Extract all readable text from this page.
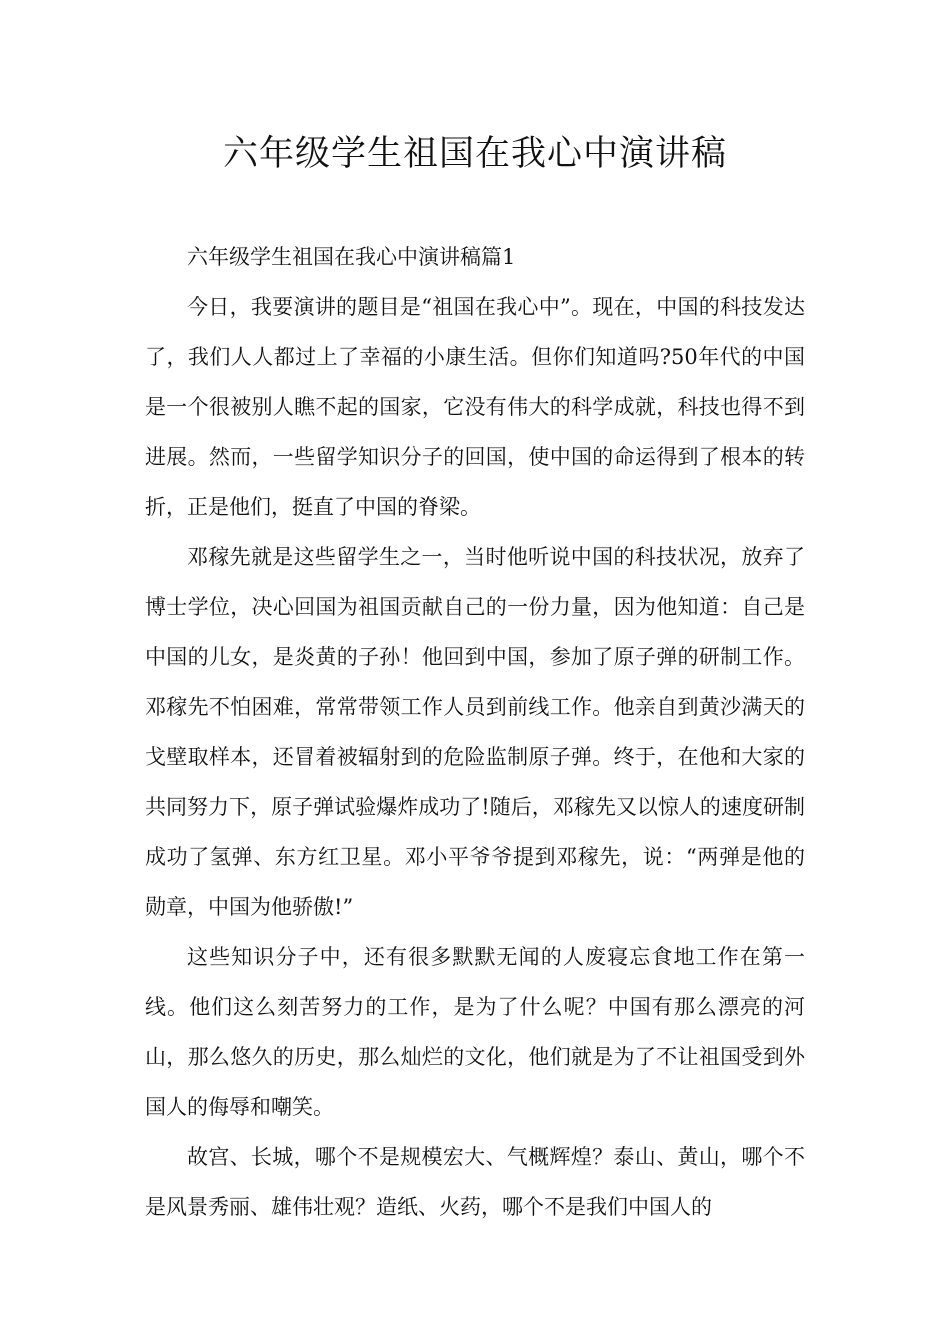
六年级学生祖国在我心中演讲稿

六年级学生祖国在我心中演讲稿篇1

今日，我要演讲的题目是“祖国在我心中”。现在，中国的科技发达了，我们人人都过上了幸福的小康生活。但你们知道吗?50年代的中国是一个很被别人瞧不起的国家，它没有伟大的科学成就，科技也得不到进展。然而，一些留学知识分子的回国，使中国的命运得到了根本的转折，正是他们，挺直了中国的脊梁。

邓稼先就是这些留学生之一，当时他听说中国的科技状况，放弃了博士学位，决心回国为祖国贡献自己的一份力量，因为他知道：自己是中国的儿女，是炎黄的子孙！他回到中国，参加了原子弹的研制工作。邓稼先不怕困难，常常带领工作人员到前线工作。他亲自到黄沙满天的戈壁取样本，还冒着被辐射到的危险监制原子弹。终于，在他和大家的共同努力下，原子弹试验爆炸成功了!随后，邓稼先又以惊人的速度研制成功了氢弹、东方红卫星。邓小平爷爷提到邓稼先，说：“两弹是他的勋章，中国为他骄傲!”

这些知识分子中，还有很多默默无闻的人废寝忘食地工作在第一线。他们这么刻苦努力的工作，是为了什么呢？中国有那么漂亮的河山，那么悠久的历史，那么灿烂的文化，他们就是为了不让祖国受到外国人的侮辱和嘲笑。

故宫、长城，哪个不是规模宏大、气概辉煌？泰山、黄山，哪个不是风景秀丽、雄伟壮观？造纸、火药，哪个不是我们中国人的
